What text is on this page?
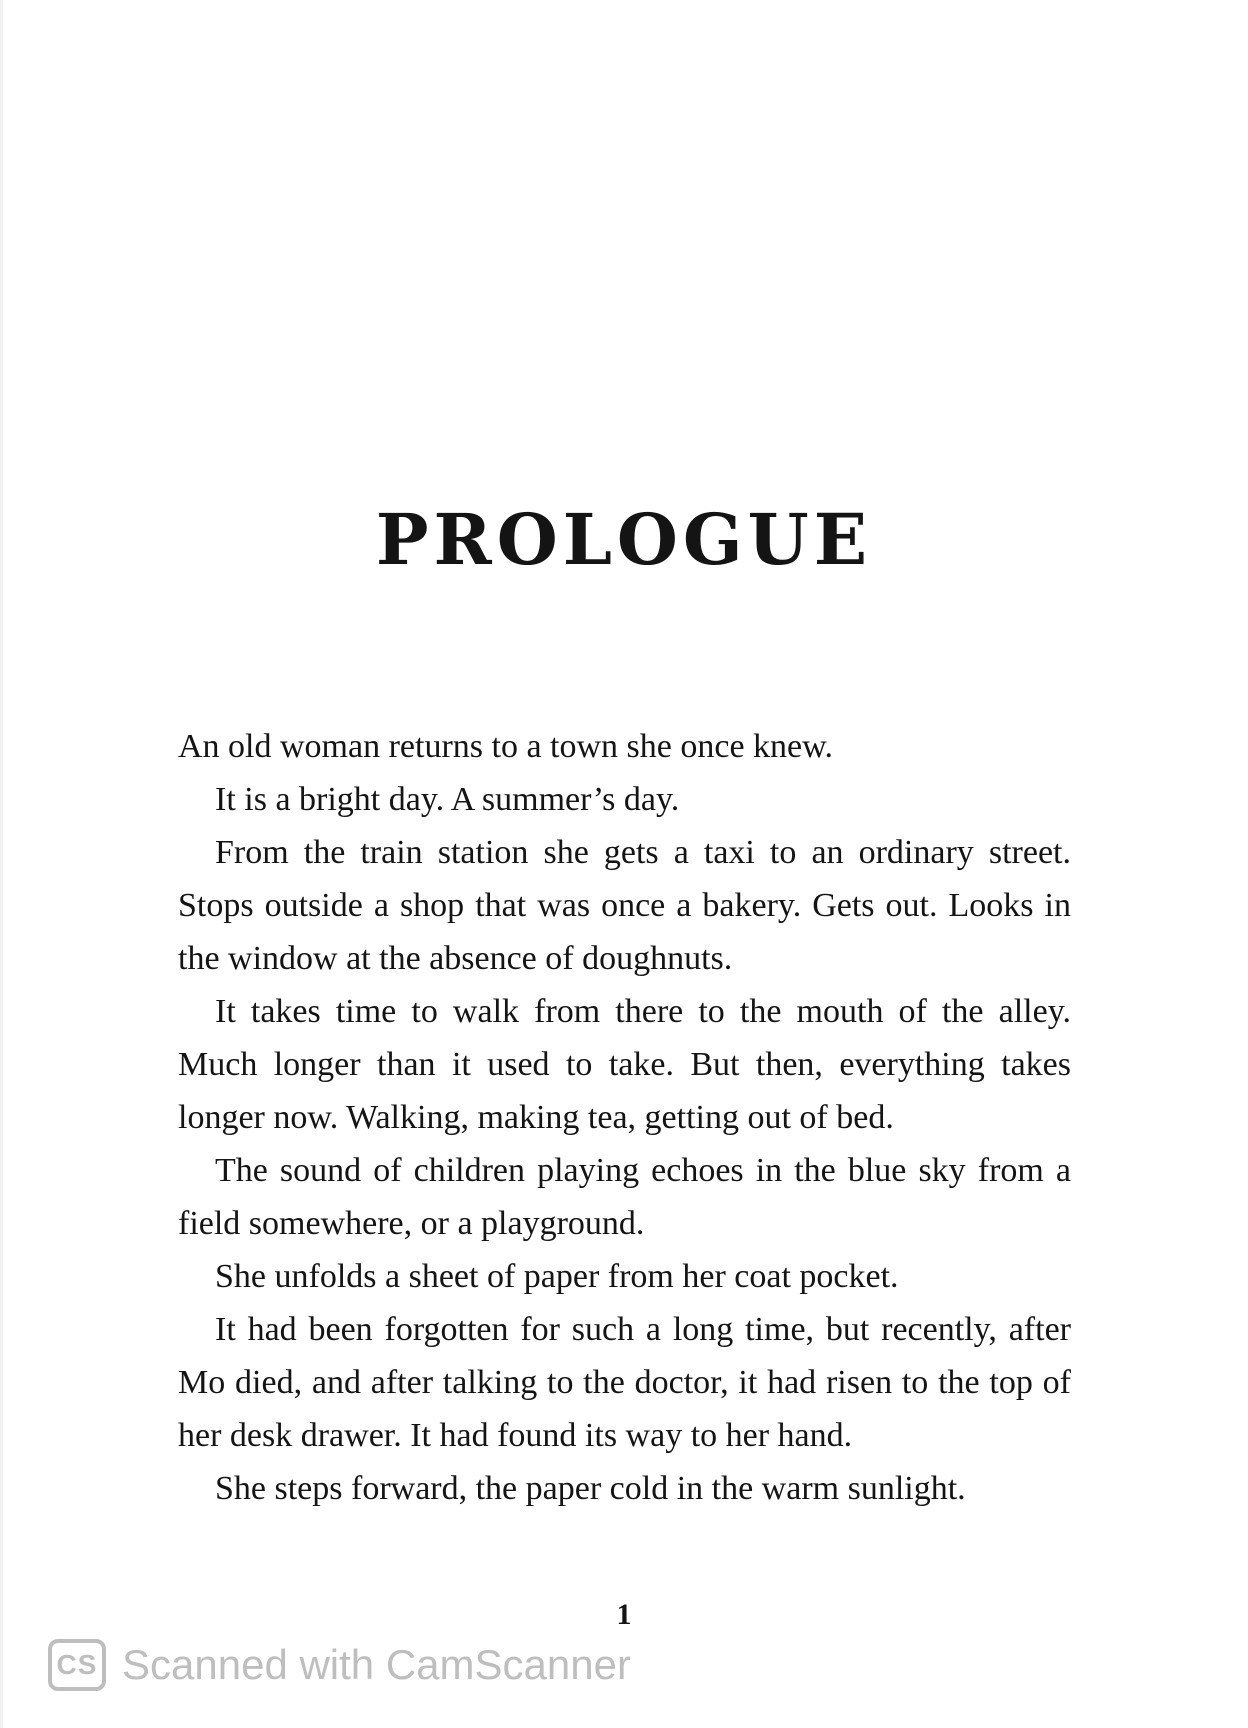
PROLOGUE

An old woman returns to a town she once knew.

It is a bright day. A summer’s day.

From the train station she gets a taxi to an ordinary street. Stops outside a shop that was once a bakery. Gets out. Looks in the window at the absence of doughnuts.

It takes time to walk from there to the mouth of the alley. Much longer than it used to take. But then, everything takes longer now. Walking, making tea, getting out of bed.

The sound of children playing echoes in the blue sky from a field somewhere, or a playground.

She unfolds a sheet of paper from her coat pocket.

It had been forgotten for such a long time, but recently, after Mo died, and after talking to the doctor, it had risen to the top of her desk drawer. It had found its way to her hand.

She steps forward, the paper cold in the warm sunlight.

1
CS Scanned with CamScanner
